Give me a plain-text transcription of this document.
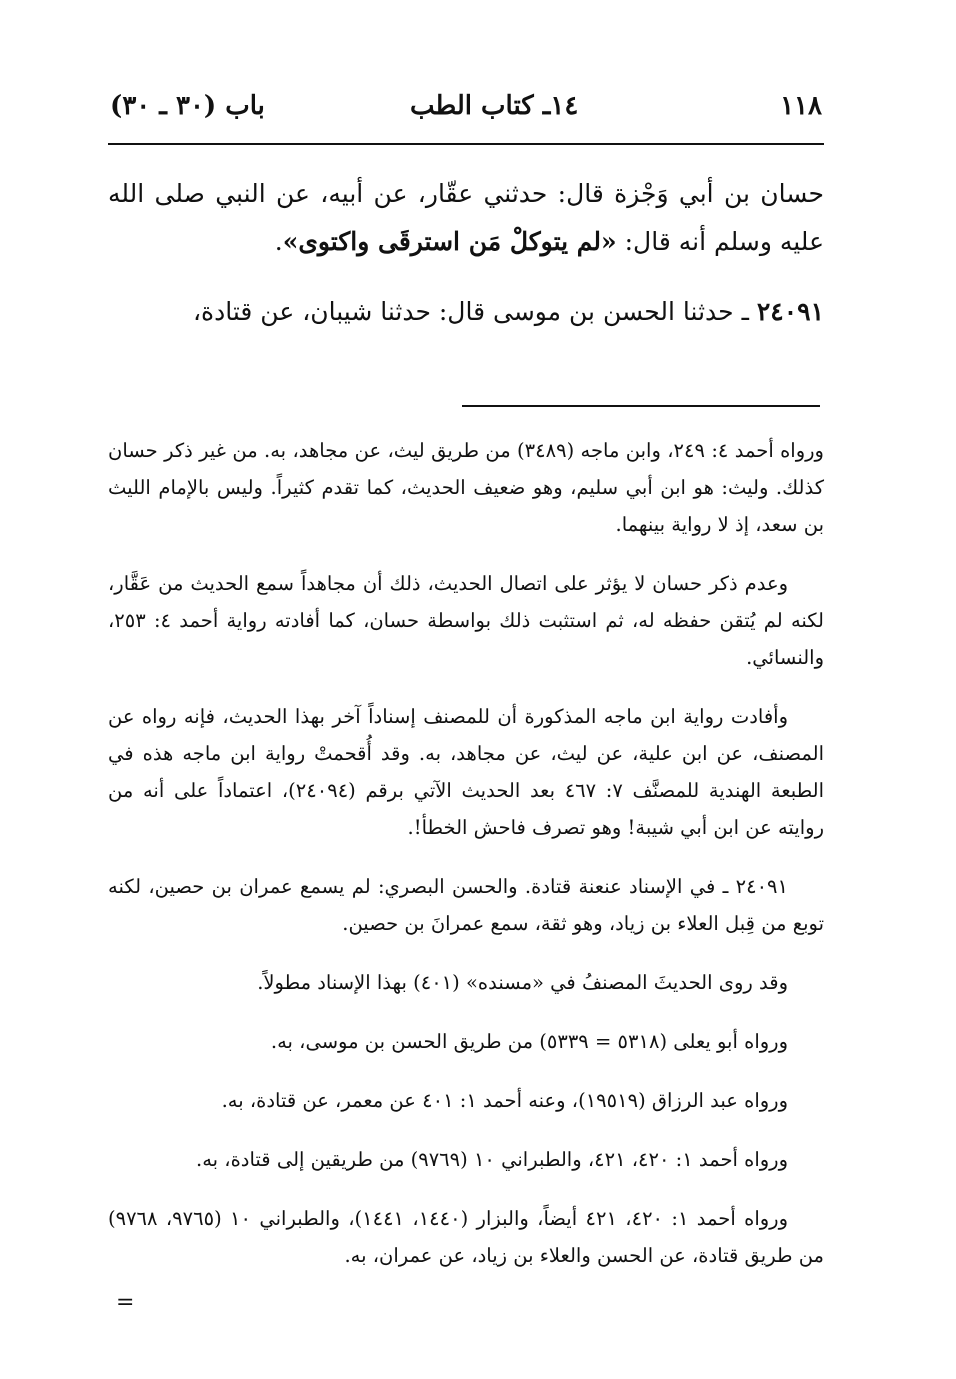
١١٨
١٤ـ كتاب الطب
باب (٣٠ ـ ٣٠)

حسان بن أبي وَجْزة قال: حدثني عقّار، عن أبيه، عن النبي صلى الله عليه وسلم أنه قال: «لم يتوكلْ مَن استرقَى واكتوى».

٢٤٠٩١ ـ حدثنا الحسن بن موسى قال: حدثنا شيبان، عن قتادة،

ورواه أحمد ٤: ٢٤٩، وابن ماجه (٣٤٨٩) من طريق ليث، عن مجاهد، به. من غير ذكر حسان كذلك. وليث: هو ابن أبي سليم، وهو ضعيف الحديث، كما تقدم كثيراً. وليس بالإمام الليث بن سعد، إذ لا رواية بينهما.

وعدم ذكر حسان لا يؤثر على اتصال الحديث، ذلك أن مجاهداً سمع الحديث من عَقَّار، لكنه لم يُتقن حفظه له، ثم استثبت ذلك بواسطة حسان، كما أفادته رواية أحمد ٤: ٢٥٣، والنسائي.

وأفادت رواية ابن ماجه المذكورة أن للمصنف إسناداً آخر بهذا الحديث، فإنه رواه عن المصنف، عن ابن علية، عن ليث، عن مجاهد، به. وقد أُقحمتْ رواية ابن ماجه هذه في الطبعة الهندية للمصنَّف ٧: ٤٦٧ بعد الحديث الآتي برقم (٢٤٠٩٤)، اعتماداً على أنه من روايته عن ابن أبي شيبة! وهو تصرف فاحش الخطأ!.

٢٤٠٩١ ـ في الإسناد عنعنة قتادة. والحسن البصري: لم يسمع عمران بن حصين، لكنه توبع من قِبل العلاء بن زياد، وهو ثقة، سمع عمرانَ بن حصين.

وقد روى الحديثَ المصنفُ في «مسنده» (٤٠١) بهذا الإسناد مطولاً.

ورواه أبو يعلى (٥٣١٨ = ٥٣٣٩) من طريق الحسن بن موسى، به.

ورواه عبد الرزاق (١٩٥١٩)، وعنه أحمد ١: ٤٠١ عن معمر، عن قتادة، به.

ورواه أحمد ١: ٤٢٠، ٤٢١، والطبراني ١٠ (٩٧٦٩) من طريقين إلى قتادة، به.

ورواه أحمد ١: ٤٢٠، ٤٢١ أيضاً، والبزار (١٤٤٠، ١٤٤١)، والطبراني ١٠ (٩٧٦٥، ٩٧٦٨) من طريق قتادة، عن الحسن والعلاء بن زياد، عن عمران، به.

=
